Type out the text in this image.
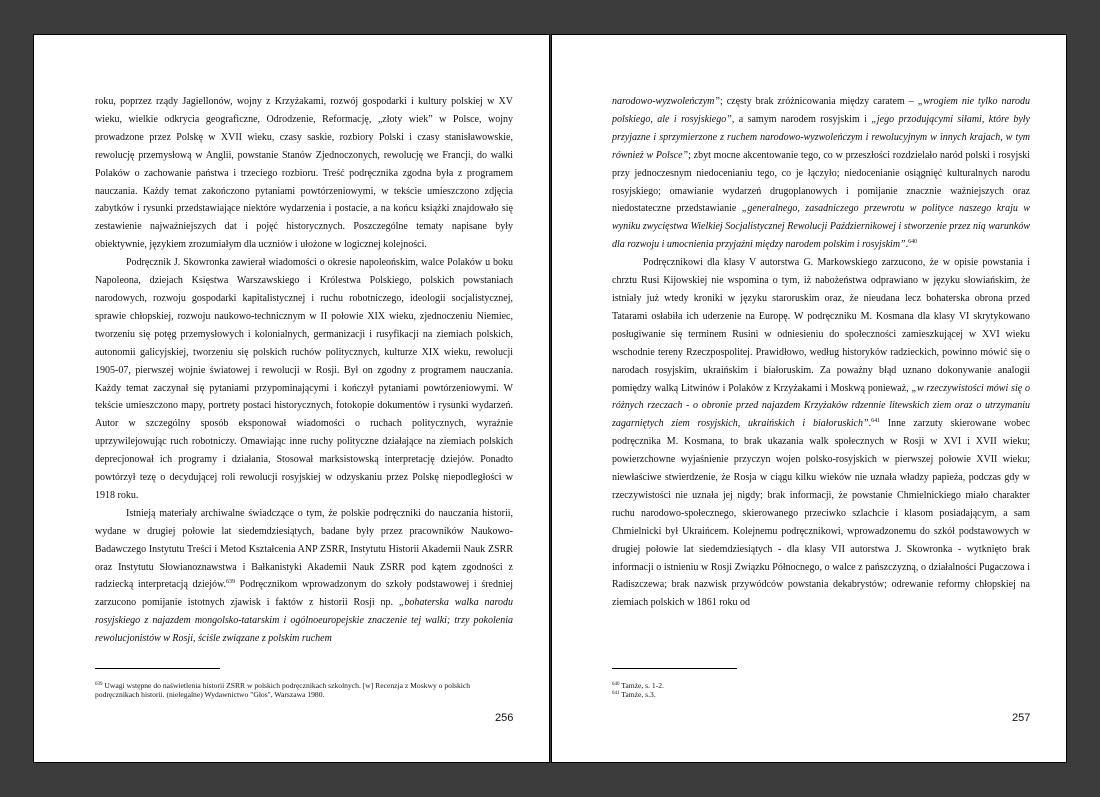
roku, poprzez rządy Jagiellonów, wojny z Krzyżakami, rozwój gospodarki i kultury polskiej w XV wieku, wielkie odkrycia geograficzne, Odrodzenie, Reformację, „złoty wiek” w Polsce, wojny prowadzone przez Polskę w XVII wieku, czasy saskie, rozbiory Polski i czasy stanisławowskie, rewolucję przemysłową w Anglii, powstanie Stanów Zjednoczonych, rewolucję we Francji, do walki Polaków o zachowanie państwa i trzeciego rozbioru. Treść podręcznika zgodna była z programem nauczania. Każdy temat zakończono pytaniami powtórzeniowymi, w tekście umieszczono zdjęcia zabytków i rysunki przedstawiające niektóre wydarzenia i postacie, a na końcu książki znajdowało się zestawienie najważniejszych dat i pojęć historycznych. Poszczególne tematy napisane były obiektywnie, językiem zrozumiałym dla uczniów i ułożone w logicznej kolejności.

Podręcznik J. Skowronka zawierał wiadomości o okresie napoleońskim, walce Polaków u boku Napoleona, dziejach Księstwa Warszawskiego i Królestwa Polskiego, polskich powstaniach narodowych, rozwoju gospodarki kapitalistycznej i ruchu robotniczego, ideologii socjalistycznej, sprawie chłopskiej, rozwoju naukowo-technicznym w II połowie XIX wieku, zjednoczeniu Niemiec, tworzeniu się potęg przemysłowych i kolonialnych, germanizacji i rusyfikacji na ziemiach polskich, autonomii galicyjskiej, tworzeniu się polskich ruchów politycznych, kulturze XIX wieku, rewolucji 1905-07, pierwszej wojnie światowej i rewolucji w Rosji. Był on zgodny z programem nauczania. Każdy temat zaczynał się pytaniami przypominającymi i kończył pytaniami powtórzeniowymi. W tekście umieszczono mapy, portrety postaci historycznych, fotokopie dokumentów i rysunki wydarzeń. Autor w szczególny sposób eksponował wiadomości o ruchach politycznych, wyraźnie uprzywilejowując ruch robotniczy. Omawiając inne ruchy polityczne działające na ziemiach polskich deprecjonował ich programy i działania, Stosował marksistowską interpretację dziejów. Ponadto powtórzył tezę o decydującej roli rewolucji rosyjskiej w odzyskaniu przez Polskę niepodległości w 1918 roku.

Istnieją materiały archiwalne świadczące o tym, że polskie podręczniki do nauczania historii, wydane w drugiej połowie lat siedemdziesiątych, badane były przez pracowników Naukowo-Badawczego Instytutu Treści i Metod Kształcenia ANP ZSRR, Instytutu Historii Akademii Nauk ZSRR oraz Instytutu Słowianoznawstwa i Bałkanistyki Akademii Nauk ZSRR pod kątem zgodności z radziecką interpretacją dziejów.$^{639}$ Podręcznikom wprowadzonym do szkoły podstawowej i średniej zarzucono pomijanie istotnych zjawisk i faktów z historii Rosji np. „bohaterska walka narodu rosyjskiego z najazdem mongolsko-tatarskim i ogólnoeuropejskie znaczenie tej walki; trzy pokolenia rewolucjonistów w Rosji, ściśle związane z polskim ruchem

$^{639}$ Uwagi wstępne do naświetlenia historii ZSRR w polskich podręcznikach szkolnych. [w] Recenzja z Moskwy o polskich podręcznikach historii. (nielegalne) Wydawnictwo "Głos", Warszawa 1980.

256

narodowo-wyzwoleńczym”; częsty brak zróżnicowania między caratem – „wrogiem nie tylko narodu polskiego, ale i rosyjskiego”, a samym narodem rosyjskim i „jego przodującymi siłami, które były przyjazne i sprzymierzone z ruchem narodowo-wyzwoleńczym i rewolucyjnym w innych krajach, w tym również w Polsce”; zbyt mocne akcentowanie tego, co w przeszłości rozdzielało naród polski i rosyjski przy jednoczesnym niedocenianiu tego, co je łączyło; niedocenianie osiągnięć kulturalnych narodu rosyjskiego; omawianie wydarzeń drugoplanowych i pomijanie znacznie ważniejszych oraz niedostateczne przedstawianie „generalnego, zasadniczego przewrotu w polityce naszego kraju w wyniku zwycięstwa Wielkiej Socjalistycznej Rewolucji Październikowej i stworzenie przez nią warunków dla rozwoju i umocnienia przyjaźni między narodem polskim i rosyjskim”.$^{640}$

Podręcznikowi dla klasy V autorstwa G. Markowskiego zarzucono, że w opisie powstania i chrztu Rusi Kijowskiej nie wspomina o tym, iż nabożeństwa odprawiano w języku słowiańskim, że istniały już wtedy kroniki w języku staroruskim oraz, że nieudana lecz bohaterska obrona przed Tatarami osłabiła ich uderzenie na Europę. W podręczniku M. Kosmana dla klasy VI skrytykowano posługiwanie się terminem Rusini w odniesieniu do społeczności zamieszkującej w XVI wieku wschodnie tereny Rzeczpospolitej. Prawidłowo, według historyków radzieckich, powinno mówić się o narodach rosyjskim, ukraińskim i białoruskim. Za poważny błąd uznano dokonywanie analogii pomiędzy walką Litwinów i Polaków z Krzyżakami i Moskwą ponieważ, „w rzeczywistości mówi się o różnych rzeczach - o obronie przed najazdem Krzyżaków rdzennie litewskich ziem oraz o utrzymaniu zagarniętych ziem rosyjskich, ukraińskich i białoruskich”.$^{641}$ Inne zarzuty skierowane wobec podręcznika M. Kosmana, to brak ukazania walk społecznych w Rosji w XVI i XVII wieku; powierzchowne wyjaśnienie przyczyn wojen polsko-rosyjskich w pierwszej połowie XVII wieku; niewłaściwe stwierdzenie, że Rosja w ciągu kilku wieków nie uznała władzy papieża, podczas gdy w rzeczywistości nie uznała jej nigdy; brak informacji, że powstanie Chmielnickiego miało charakter ruchu narodowo-społecznego, skierowanego przeciwko szlachcie i klasom posiadającym, a sam Chmielnicki był Ukraińcem. Kolejnemu podręcznikowi, wprowadzonemu do szkół podstawowych w drugiej połowie lat siedemdziesiątych - dla klasy VII autorstwa J. Skowronka - wytknięto brak informacji o istnieniu w Rosji Związku Północnego, o walce z pańszczyzną, o działalności Pugaczowa i Radiszczewa; brak nazwisk przywódców powstania dekabrystów; odrewanie reformy chłopskiej na ziemiach polskich w 1861 roku od

$^{640}$ Tamże, s. 1-2.

$^{641}$ Tamże, s.3.

257
